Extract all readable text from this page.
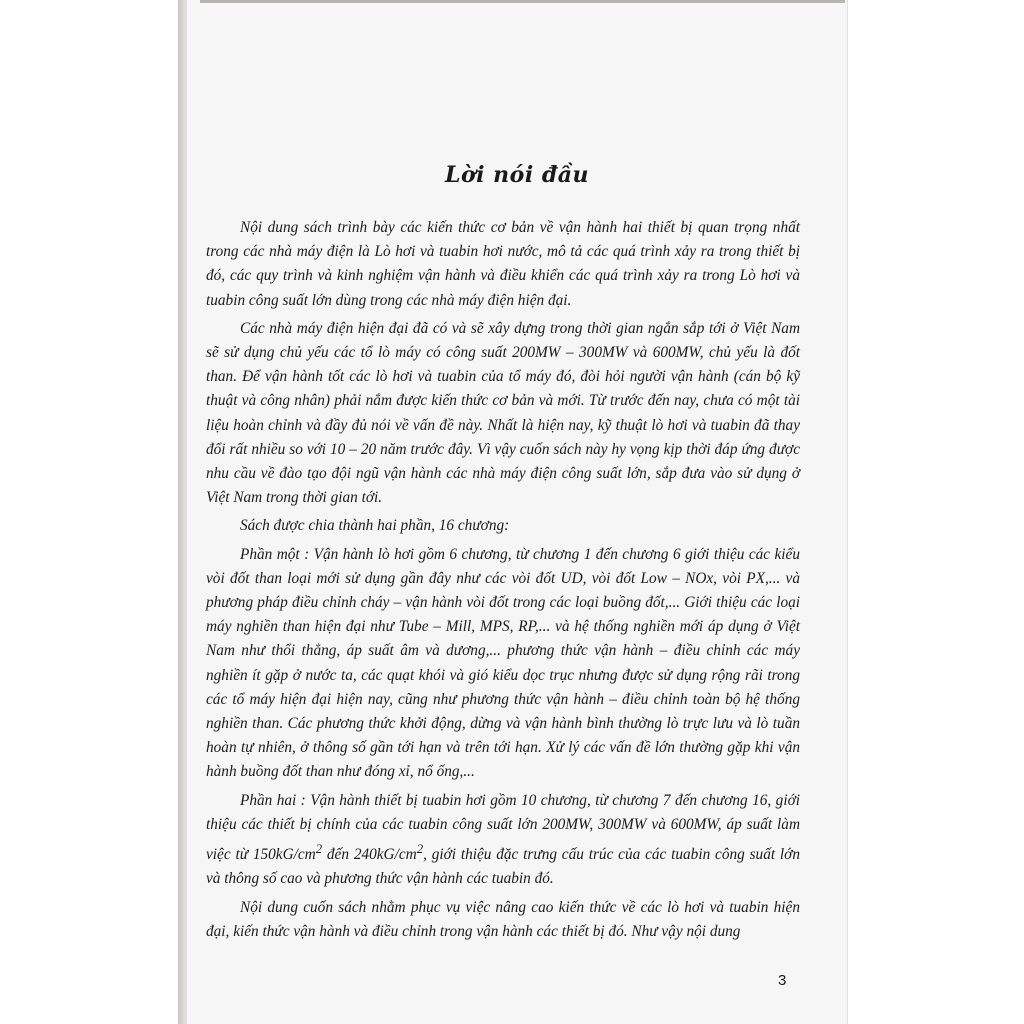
Lời nói đầu

Nội dung sách trình bày các kiến thức cơ bản về vận hành hai thiết bị quan trọng nhất trong các nhà máy điện là Lò hơi và tuabin hơi nước, mô tả các quá trình xảy ra trong thiết bị đó, các quy trình và kinh nghiệm vận hành và điều khiển các quá trình xảy ra trong Lò hơi và tuabin công suất lớn dùng trong các nhà máy điện hiện đại.

Các nhà máy điện hiện đại đã có và sẽ xây dựng trong thời gian ngắn sắp tới ở Việt Nam sẽ sử dụng chủ yếu các tổ lò máy có công suất 200MW – 300MW và 600MW, chủ yếu là đốt than. Để vận hành tốt các lò hơi và tuabin của tổ máy đó, đòi hỏi người vận hành (cán bộ kỹ thuật và công nhân) phải nắm được kiến thức cơ bản và mới. Từ trước đến nay, chưa có một tài liệu hoàn chỉnh và đầy đủ nói về vấn đề này. Nhất là hiện nay, kỹ thuật lò hơi và tuabin đã thay đổi rất nhiều so với 10 – 20 năm trước đây. Vì vậy cuốn sách này hy vọng kịp thời đáp ứng được nhu cầu về đào tạo đội ngũ vận hành các nhà máy điện công suất lớn, sắp đưa vào sử dụng ở Việt Nam trong thời gian tới.

Sách được chia thành hai phần, 16 chương:

Phần một : Vận hành lò hơi gồm 6 chương, từ chương 1 đến chương 6 giới thiệu các kiểu vòi đốt than loại mới sử dụng gần đây như các vòi đốt UD, vòi đốt Low – NOx, vòi PX,... và phương pháp điều chỉnh cháy – vận hành vòi đốt trong các loại buồng đốt,... Giới thiệu các loại máy nghiền than hiện đại như Tube – Mill, MPS, RP,... và hệ thống nghiền mới áp dụng ở Việt Nam như thổi thẳng, áp suất âm và dương,... phương thức vận hành – điều chỉnh các máy nghiền ít gặp ở nước ta, các quạt khói và gió kiểu dọc trục nhưng được sử dụng rộng rãi trong các tổ máy hiện đại hiện nay, cũng như phương thức vận hành – điều chỉnh toàn bộ hệ thống nghiền than. Các phương thức khởi động, dừng và vận hành bình thường lò trực lưu và lò tuần hoàn tự nhiên, ở thông số gần tới hạn và trên tới hạn. Xử lý các vấn đề lớn thường gặp khi vận hành buồng đốt than như đóng xỉ, nổ ống,...

Phần hai : Vận hành thiết bị tuabin hơi gồm 10 chương, từ chương 7 đến chương 16, giới thiệu các thiết bị chính của các tuabin công suất lớn 200MW, 300MW và 600MW, áp suất làm việc từ $150kG/cm^2$ đến $240kG/cm^2$, giới thiệu đặc trưng cấu trúc của các tuabin công suất lớn và thông số cao và phương thức vận hành các tuabin đó.

Nội dung cuốn sách nhằm phục vụ việc nâng cao kiến thức về các lò hơi và tuabin hiện đại, kiến thức vận hành và điều chỉnh trong vận hành các thiết bị đó. Như vậy nội dung

3
